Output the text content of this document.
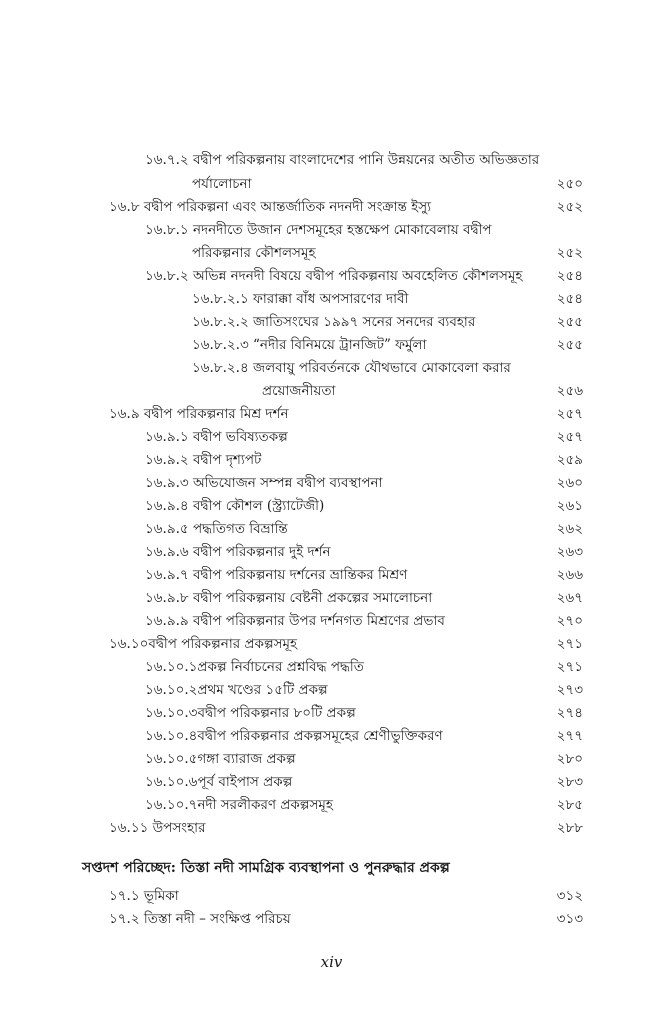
১৬.৭.২ বদ্বীপ পরিকল্পনায় বাংলাদেশের পানি উন্নয়নের অতীত অভিজ্ঞতার
পর্যালোচনা	২৫০
১৬.৮ বদ্বীপ পরিকল্পনা এবং আন্তর্জাতিক নদনদী সংক্রান্ত ইস্যু	২৫২
১৬.৮.১ নদনদীতে উজান দেশসমূহের হস্তক্ষেপ মোকাবেলায় বদ্বীপ
পরিকল্পনার কৌশলসমূহ	২৫২
১৬.৮.২ অভিন্ন নদনদী বিষয়ে বদ্বীপ পরিকল্পনায় অবহেলিত কৌশলসমূহ	২৫৪
১৬.৮.২.১ ফারাক্কা বাঁধ অপসারণের দাবী	২৫৪
১৬.৮.২.২ জাতিসংঘের ১৯৯৭ সনের সনদের ব্যবহার	২৫৫
১৬.৮.২.৩ “নদীর বিনিময়ে ট্রানজিট” ফর্মুলা	২৫৫
১৬.৮.২.৪ জলবায়ু পরিবর্তনকে যৌথভাবে মোকাবেলা করার
প্রয়োজনীয়তা	২৫৬
১৬.৯ বদ্বীপ পরিকল্পনার মিশ্র দর্শন	২৫৭
১৬.৯.১ বদ্বীপ ভবিষ্যতকল্প	২৫৭
১৬.৯.২ বদ্বীপ দৃশ্যপট	২৫৯
১৬.৯.৩ অভিযোজন সম্পন্ন বদ্বীপ ব্যবস্থাপনা	২৬০
১৬.৯.৪ বদ্বীপ কৌশল (স্ট্র্যাটেজী)	২৬১
১৬.৯.৫ পদ্ধতিগত বিভ্রান্তি	২৬২
১৬.৯.৬ বদ্বীপ পরিকল্পনার দুই দর্শন	২৬৩
১৬.৯.৭ বদ্বীপ পরিকল্পনায় দর্শনের ভ্রান্তিকর মিশ্রণ	২৬৬
১৬.৯.৮ বদ্বীপ পরিকল্পনায় বেষ্টনী প্রকল্পের সমালোচনা	২৬৭
১৬.৯.৯ বদ্বীপ পরিকল্পনার উপর দর্শনগত মিশ্রণের প্রভাব	২৭০
১৬.১০বদ্বীপ পরিকল্পনার প্রকল্পসমূহ	২৭১
১৬.১০.১প্রকল্প নির্বাচনের প্রশ্নবিদ্ধ পদ্ধতি	২৭১
১৬.১০.২প্রথম খণ্ডের ১৫টি প্রকল্প	২৭৩
১৬.১০.৩বদ্বীপ পরিকল্পনার ৮০টি প্রকল্প	২৭৪
১৬.১০.৪বদ্বীপ পরিকল্পনার প্রকল্পসমূহের শ্রেণীভুক্তিকরণ	২৭৭
১৬.১০.৫গঙ্গা ব্যারাজ প্রকল্প	২৮০
১৬.১০.৬পূর্ব বাইপাস প্রকল্প	২৮৩
১৬.১০.৭নদী সরলীকরণ প্রকল্পসমূহ	২৮৫
১৬.১১ উপসংহার	২৮৮
সপ্তদশ পরিচ্ছেদ: তিস্তা নদী সামগ্রিক ব্যবস্থাপনা ও পুনরুদ্ধার প্রকল্প
১৭.১ ভূমিকা	৩১২
১৭.২ তিস্তা নদী – সংক্ষিপ্ত পরিচয়	৩১৩
xiv
